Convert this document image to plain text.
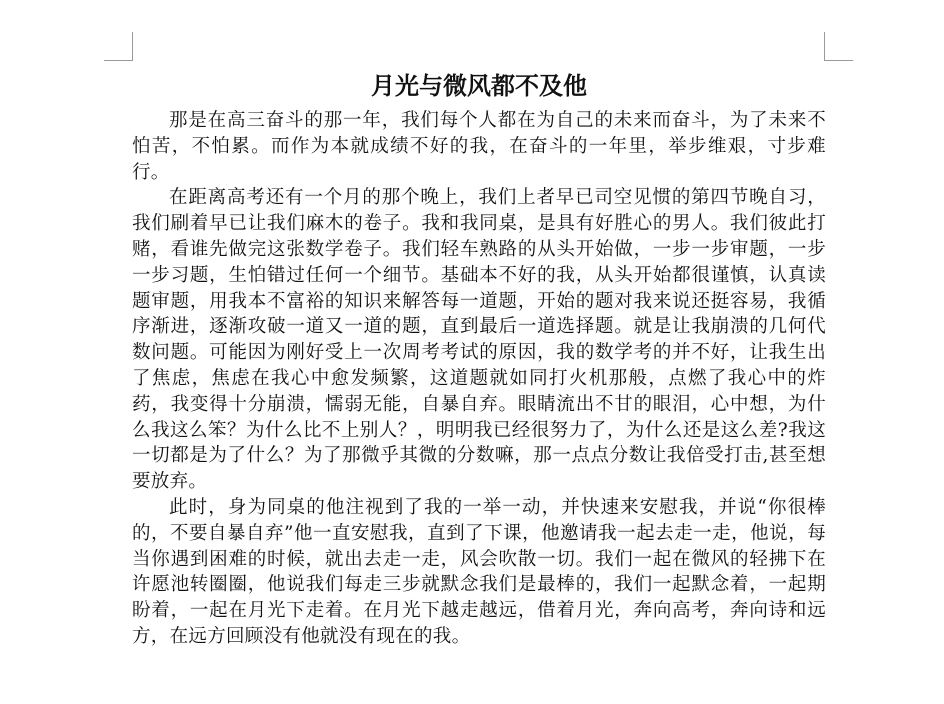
月光与微风都不及他

那是在高三奋斗的那一年，我们每个人都在为自己的未来而奋斗，为了未来不怕苦，不怕累。而作为本就成绩不好的我，在奋斗的一年里，举步维艰，寸步难行。

在距离高考还有一个月的那个晚上，我们上者早已司空见惯的第四节晚自习，我们刷着早已让我们麻木的卷子。我和我同桌，是具有好胜心的男人。我们彼此打赌，看谁先做完这张数学卷子。我们轻车熟路的从头开始做，一步一步审题，一步一步习题，生怕错过任何一个细节。基础本不好的我，从头开始都很谨慎，认真读题审题，用我本不富裕的知识来解答每一道题，开始的题对我来说还挺容易，我循序渐进，逐渐攻破一道又一道的题，直到最后一道选择题。就是让我崩溃的几何代数问题。可能因为刚好受上一次周考考试的原因，我的数学考的并不好，让我生出了焦虑，焦虑在我心中愈发频繁，这道题就如同打火机那般，点燃了我心中的炸药，我变得十分崩溃，懦弱无能，自暴自弃。眼睛流出不甘的眼泪，心中想，为什么我这么笨？为什么比不上别人？，明明我已经很努力了，为什么还是这么差?我这一切都是为了什么？为了那微乎其微的分数嘛，那一点点分数让我倍受打击,甚至想要放弃。

此时，身为同桌的他注视到了我的一举一动，并快速来安慰我，并说“你很棒的，不要自暴自弃”他一直安慰我，直到了下课，他邀请我一起去走一走，他说，每当你遇到困难的时候，就出去走一走，风会吹散一切。我们一起在微风的轻拂下在许愿池转圈圈，他说我们每走三步就默念我们是最棒的，我们一起默念着，一起期盼着，一起在月光下走着。在月光下越走越远，借着月光，奔向高考，奔向诗和远方，在远方回顾没有他就没有现在的我。
